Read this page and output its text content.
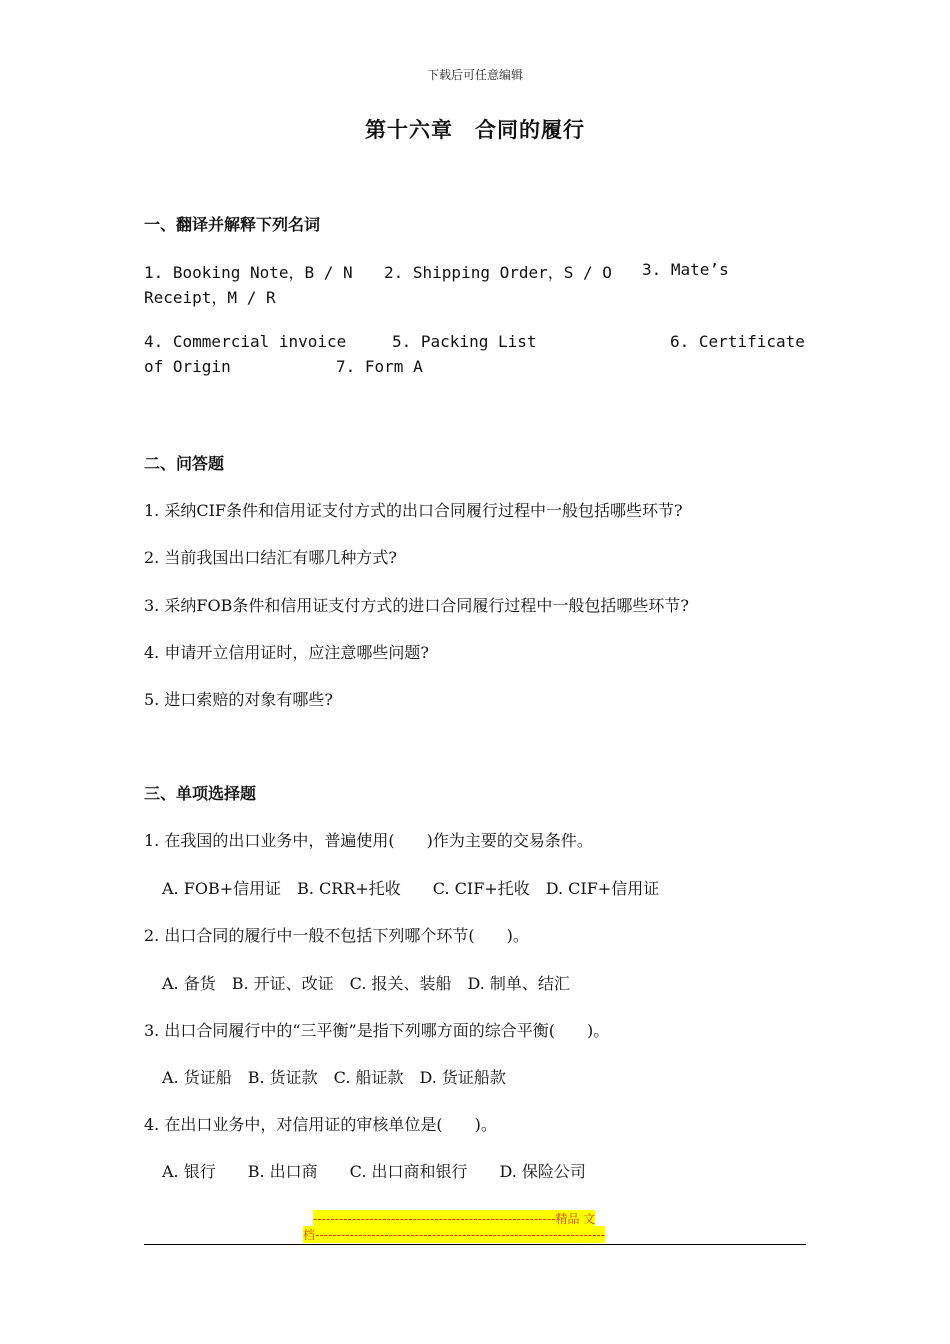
下载后可任意编辑
第十六章　合同的履行
一、翻译并解释下列名词
1. Booking Note，B / N 2. Shipping Order，S / O 3. Mate’s
Receipt，M / R
4. Commercial invoice	5. Packing List	6. Certificate
of Origin	7. Form A
二、问答题
1. 采纳CIF条件和信用证支付方式的出口合同履行过程中一般包括哪些环节?
2. 当前我国出口结汇有哪几种方式?
3. 采纳FOB条件和信用证支付方式的进口合同履行过程中一般包括哪些环节?
4. 申请开立信用证时，应注意哪些问题?
5. 进口索赔的对象有哪些?
三、单项选择题
1. 在我国的出口业务中，普遍使用(　　)作为主要的交易条件。
A. FOB+信用证　B. CRR+托收　　C. CIF+托收　D. CIF+信用证
2. 出口合同的履行中一般不包括下列哪个环节(　　)。
A. 备货　B. 开证、改证　C. 报关、装船　D. 制单、结汇
3. 出口合同履行中的“三平衡”是指下列哪方面的综合平衡(　　)。
A. 货证船　B. 货证款　C. 船证款　D. 货证船款
4. 在出口业务中，对信用证的审核单位是(　　)。
A. 银行　　B. 出口商　　C. 出口商和银行　　D. 保险公司
--------------------------------------------------------精品 文
档-------------------------------------------------------------------
